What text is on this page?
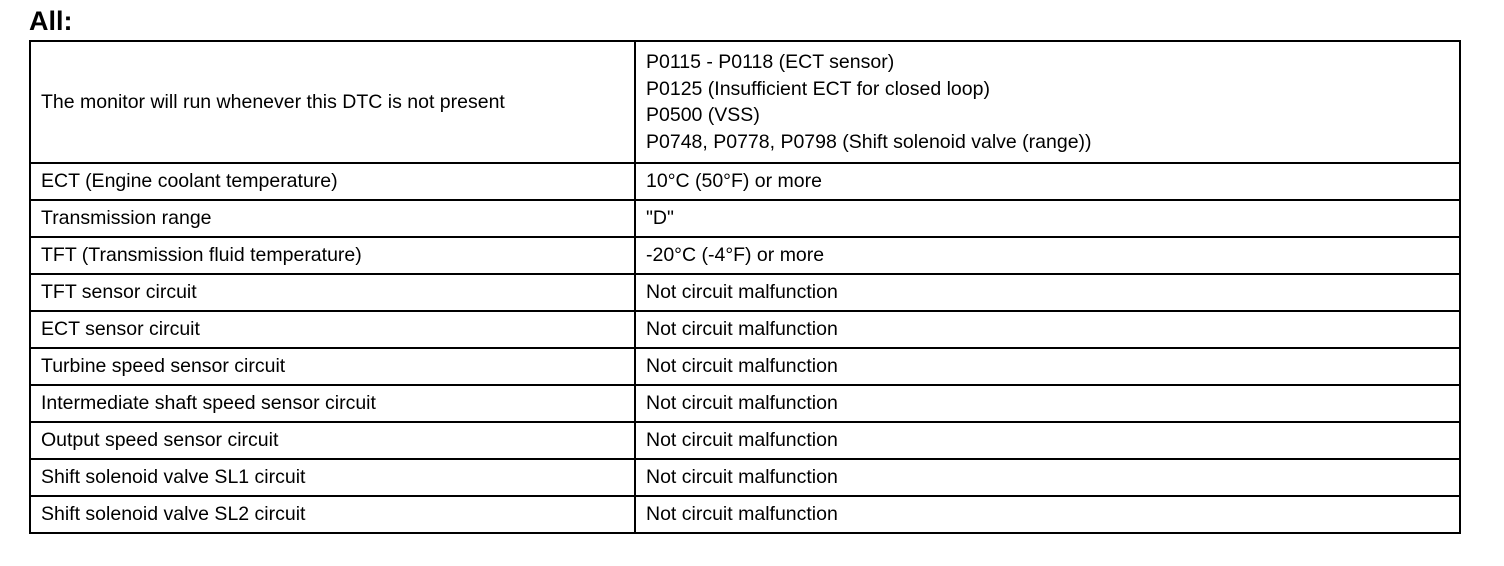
All:
The monitor will run whenever this DTC is not present	P0115 - P0118 (ECT sensor)
P0125 (Insufficient ECT for closed loop)
P0500 (VSS)
P0748, P0778, P0798 (Shift solenoid valve (range))

ECT (Engine coolant temperature)	10°C (50°F) or more
Transmission range	"D"
TFT (Transmission fluid temperature)	-20°C (-4°F) or more
TFT sensor circuit	Not circuit malfunction
ECT sensor circuit	Not circuit malfunction
Turbine speed sensor circuit	Not circuit malfunction
Intermediate shaft speed sensor circuit	Not circuit malfunction
Output speed sensor circuit	Not circuit malfunction
Shift solenoid valve SL1 circuit	Not circuit malfunction
Shift solenoid valve SL2 circuit	Not circuit malfunction
